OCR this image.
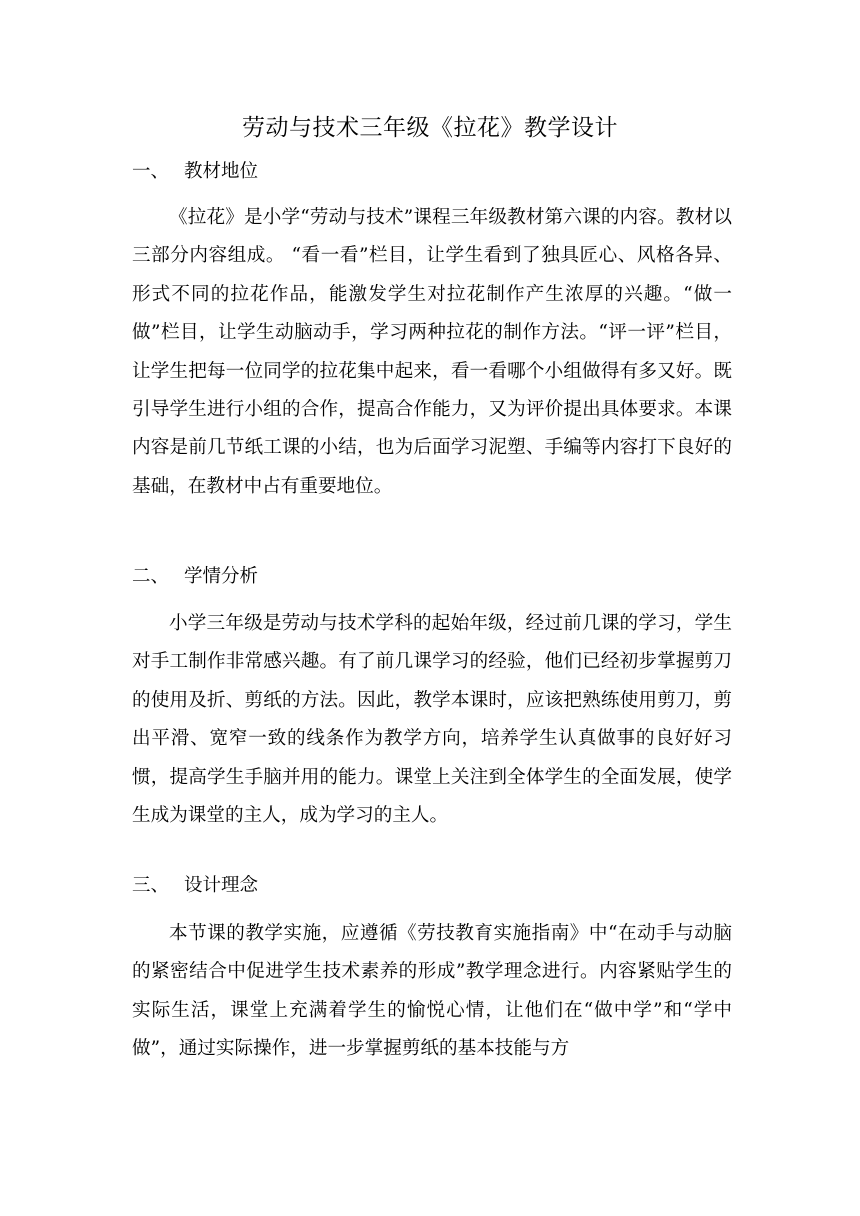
劳动与技术三年级《拉花》教学设计
一、 教材地位

《拉花》是小学“劳动与技术”课程三年级教材第六课的内容。教材以三部分内容组成。 “看一看”栏目，让学生看到了独具匠心、风格各异、形式不同的拉花作品，能激发学生对拉花制作产生浓厚的兴趣。“做一做”栏目，让学生动脑动手，学习两种拉花的制作方法。“评一评”栏目，让学生把每一位同学的拉花集中起来，看一看哪个小组做得有多又好。既引导学生进行小组的合作，提高合作能力，又为评价提出具体要求。本课内容是前几节纸工课的小结，也为后面学习泥塑、手编等内容打下良好的基础，在教材中占有重要地位。

二、 学情分析

小学三年级是劳动与技术学科的起始年级，经过前几课的学习，学生对手工制作非常感兴趣。有了前几课学习的经验，他们已经初步掌握剪刀的使用及折、剪纸的方法。因此，教学本课时，应该把熟练使用剪刀，剪出平滑、宽窄一致的线条作为教学方向，培养学生认真做事的良好好习惯，提高学生手脑并用的能力。课堂上关注到全体学生的全面发展，使学生成为课堂的主人，成为学习的主人。

三、 设计理念

本节课的教学实施，应遵循《劳技教育实施指南》中“在动手与动脑的紧密结合中促进学生技术素养的形成”教学理念进行。内容紧贴学生的实际生活，课堂上充满着学生的愉悦心情，让他们在“做中学”和“学中做”，通过实际操作，进一步掌握剪纸的基本技能与方
